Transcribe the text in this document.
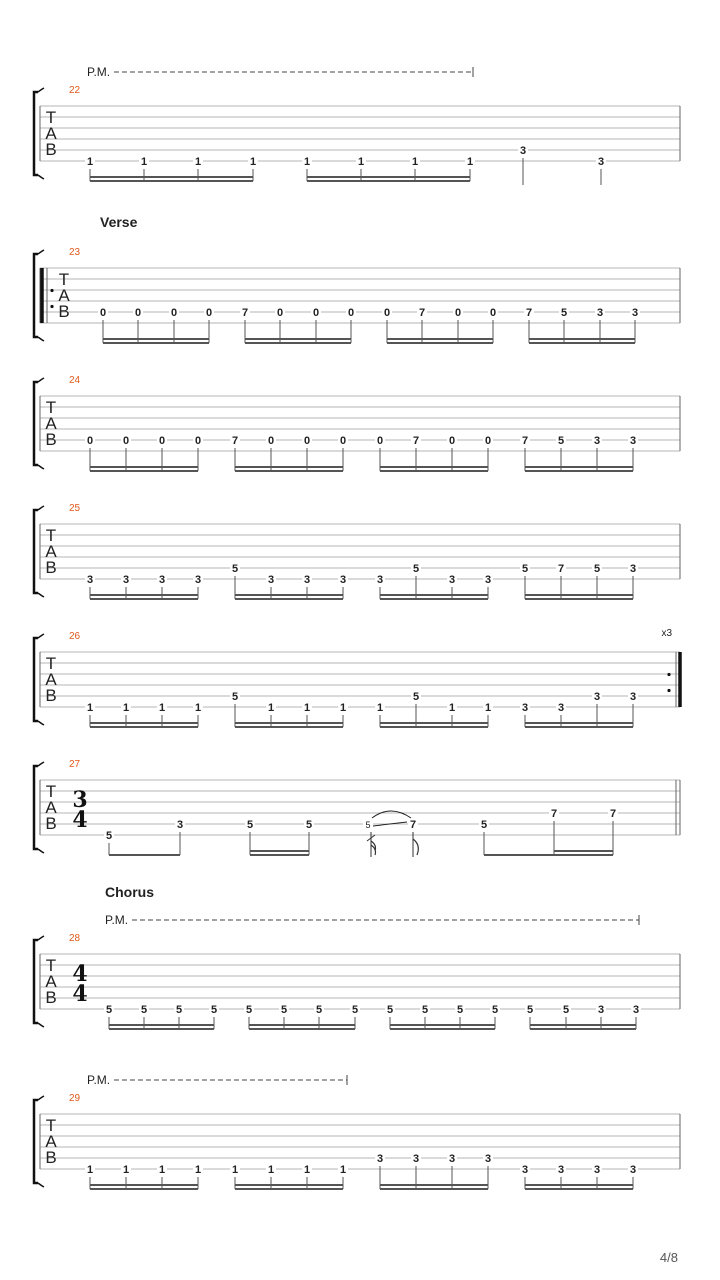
T
A
B
22
P.M.
1	1	1	1	1	1	1	1
3
3
T
A
B
23
Verse
0	0	0	0	7	0	0	0	0	7	0	0	7	5	3	3
T
A
B
24
0	0	0	0	7	0	0	0	0	7	0	0	7	5	3	3
T
A
B
25
3	3	3	3
5
3	3	3	3
5
3	3
5	7	5	3
x3
T
A
B
26
1	1	1	1
5
1	1	1	1
5
1	1	3	3
3	3
T
A
B
27
3
4
5
3	5	5	5	7	5
7	7
T
A
B
28
Chorus
P.M.
4
4
5	5	5	5	5	5	5	5	5	5	5	5	5	5	3	3
T
A
B
29
P.M.
1	1	1	1	1	1	1	1
3	3	3	3
3	3	3	3
4/8
